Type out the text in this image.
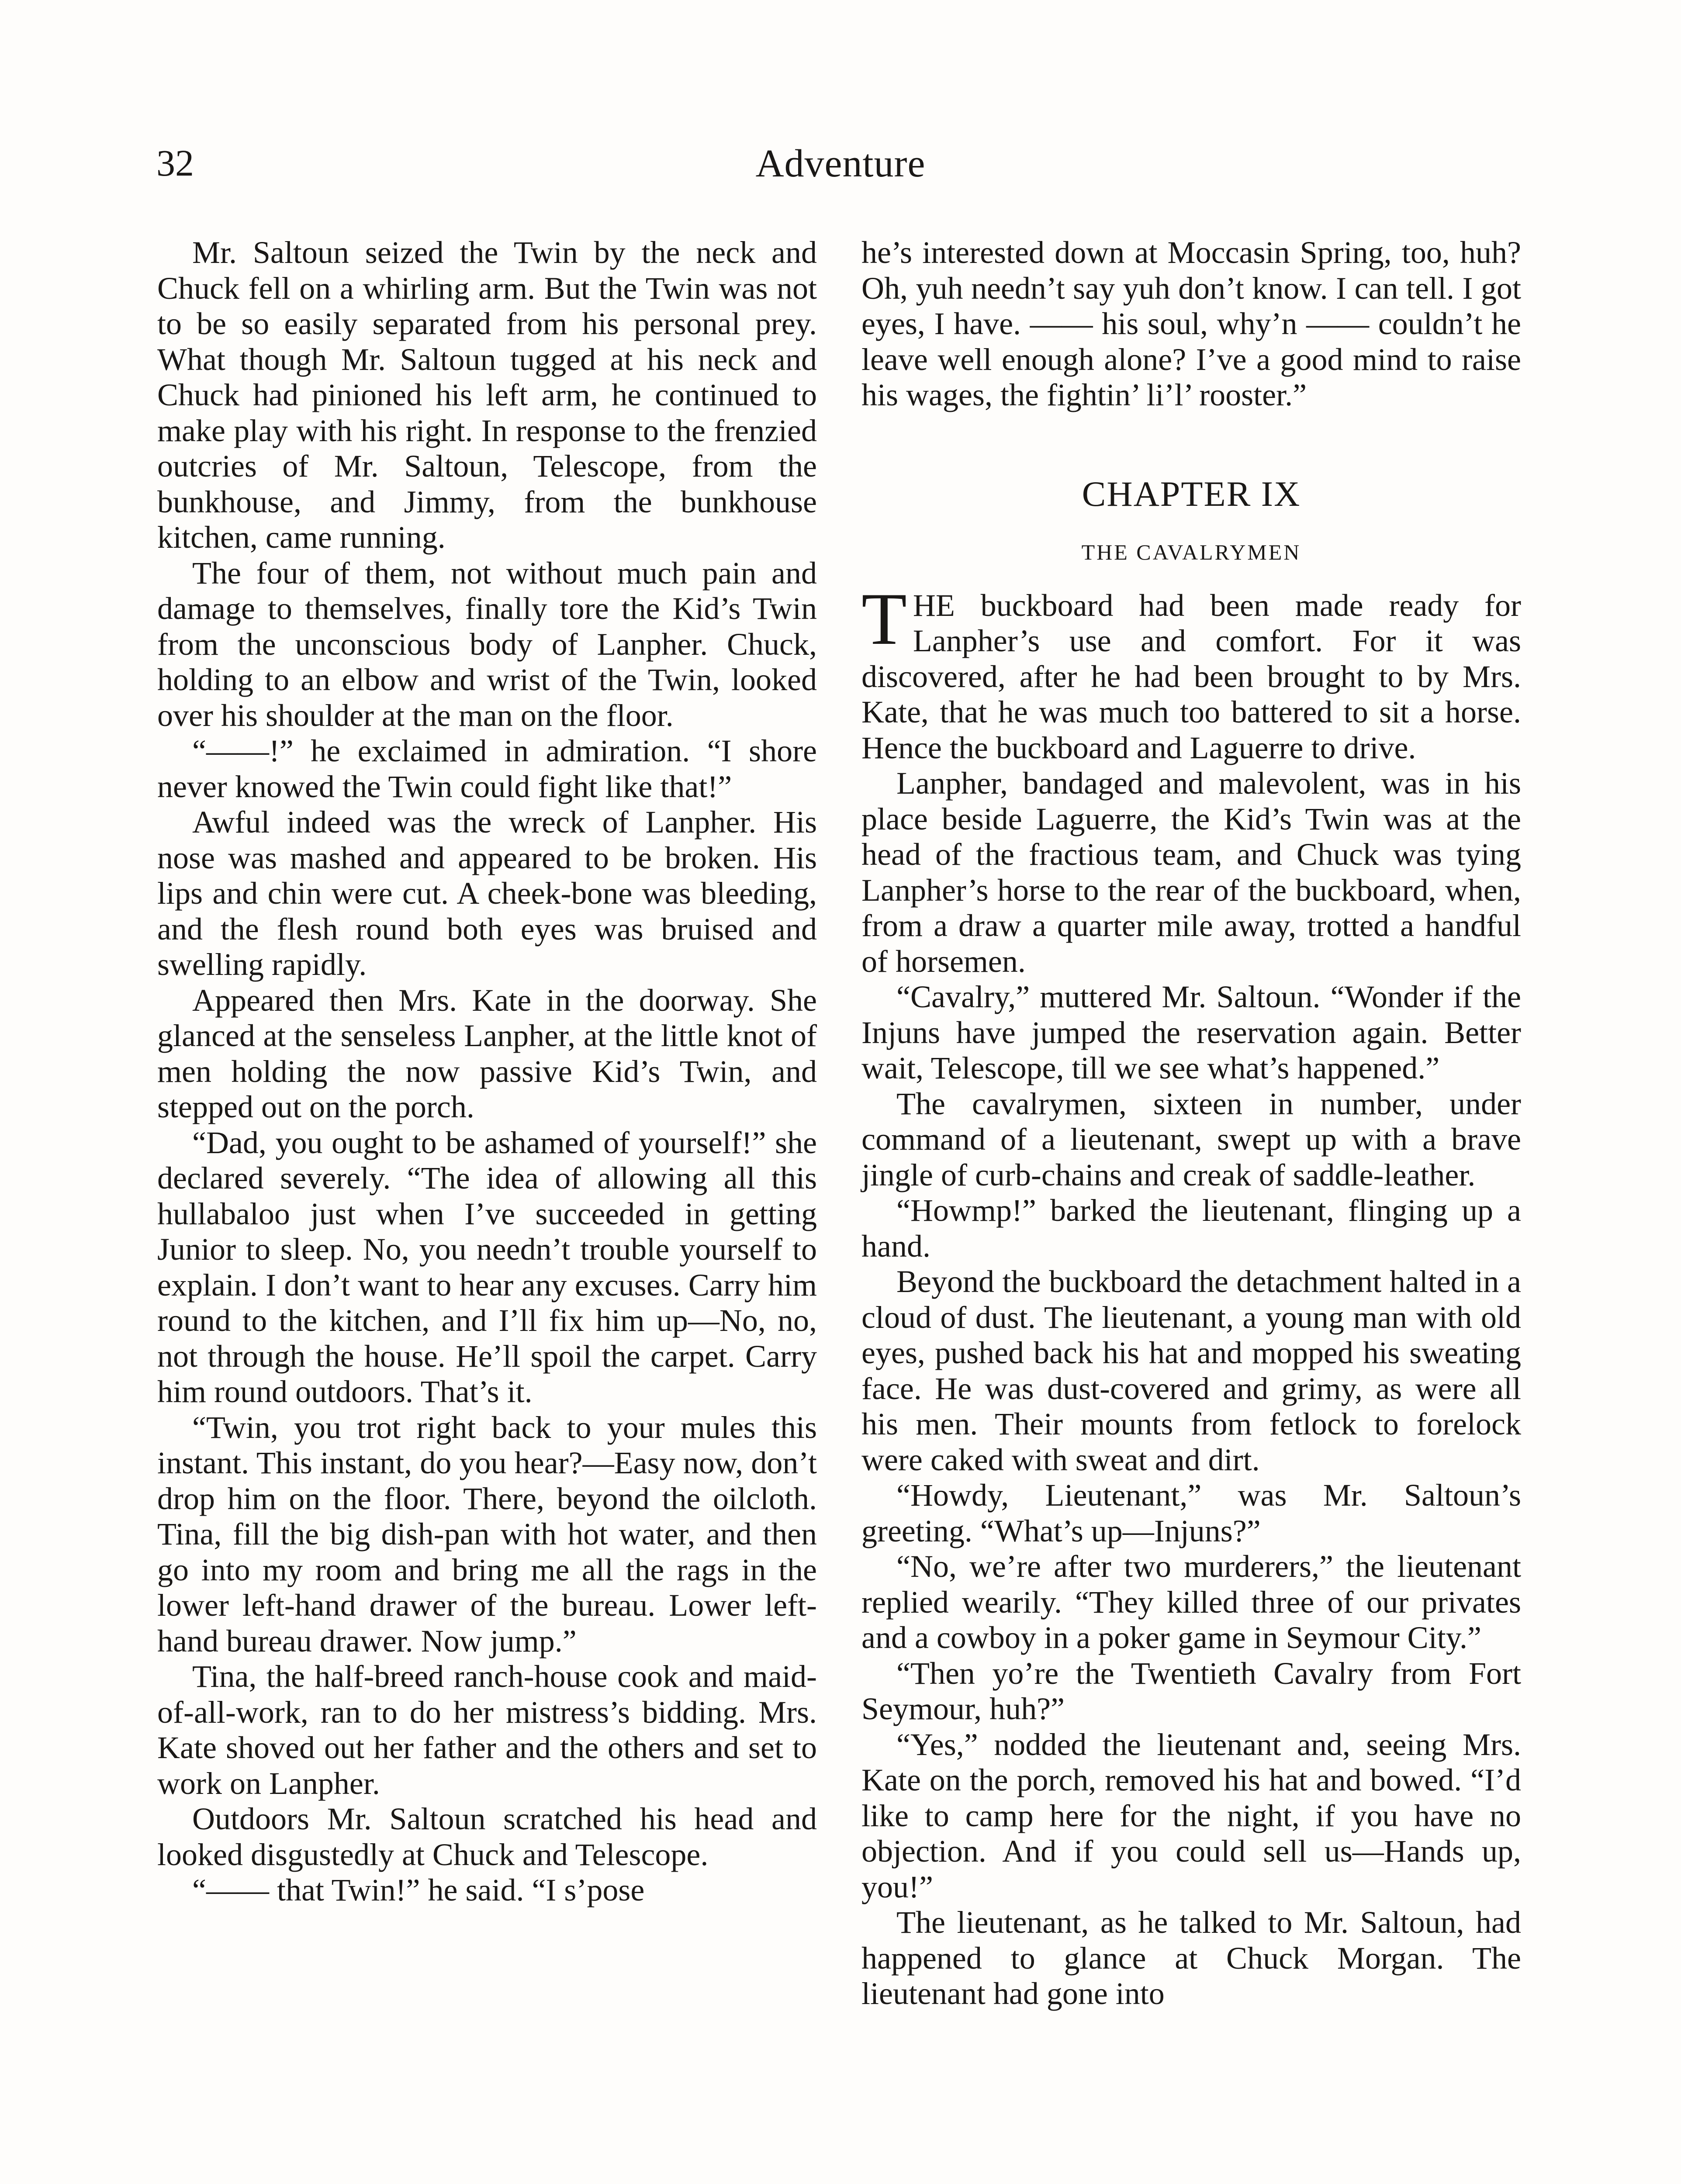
32	Adventure

Mr. Saltoun seized the Twin by the neck and Chuck fell on a whirling arm. But the Twin was not to be so easily separated from his personal prey. What though Mr. Saltoun tugged at his neck and Chuck had pinioned his left arm, he continued to make play with his right. In response to the frenzied outcries of Mr. Saltoun, Telescope, from the bunkhouse, and Jimmy, from the bunkhouse kitchen, came running.

The four of them, not without much pain and damage to themselves, finally tore the Kid’s Twin from the unconscious body of Lanpher. Chuck, holding to an elbow and wrist of the Twin, looked over his shoulder at the man on the floor.

“——!” he exclaimed in admiration. “I shore never knowed the Twin could fight like that!”

Awful indeed was the wreck of Lanpher. His nose was mashed and appeared to be broken. His lips and chin were cut. A cheek-bone was bleeding, and the flesh round both eyes was bruised and swelling rapidly.

Appeared then Mrs. Kate in the doorway. She glanced at the senseless Lanpher, at the little knot of men holding the now passive Kid’s Twin, and stepped out on the porch.

“Dad, you ought to be ashamed of yourself!” she declared severely. “The idea of allowing all this hullabaloo just when I’ve succeeded in getting Junior to sleep. No, you needn’t trouble yourself to explain. I don’t want to hear any excuses. Carry him round to the kitchen, and I’ll fix him up—No, no, not through the house. He’ll spoil the carpet. Carry him round outdoors. That’s it.

“Twin, you trot right back to your mules this instant. This instant, do you hear?—Easy now, don’t drop him on the floor. There, beyond the oilcloth. Tina, fill the big dish-pan with hot water, and then go into my room and bring me all the rags in the lower left-hand drawer of the bureau. Lower left-hand bureau drawer. Now jump.”

Tina, the half-breed ranch-house cook and maid-of-all-work, ran to do her mistress’s bidding. Mrs. Kate shoved out her father and the others and set to work on Lanpher.

Outdoors Mr. Saltoun scratched his head and looked disgustedly at Chuck and Telescope.

“—— that Twin!” he said. “I s’pose

he’s interested down at Moccasin Spring, too, huh? Oh, yuh needn’t say yuh don’t know. I can tell. I got eyes, I have. —— his soul, why’n —— couldn’t he leave well enough alone? I’ve a good mind to raise his wages, the fightin’ li’l’ rooster.”

CHAPTER IX
THE CAVALRYMEN

THE buckboard had been made ready for Lanpher’s use and comfort. For it was discovered, after he had been brought to by Mrs. Kate, that he was much too battered to sit a horse. Hence the buckboard and Laguerre to drive.

Lanpher, bandaged and malevolent, was in his place beside Laguerre, the Kid’s Twin was at the head of the fractious team, and Chuck was tying Lanpher’s horse to the rear of the buckboard, when, from a draw a quarter mile away, trotted a handful of horsemen.

“Cavalry,” muttered Mr. Saltoun. “Wonder if the Injuns have jumped the reservation again. Better wait, Telescope, till we see what’s happened.”

The cavalrymen, sixteen in number, under command of a lieutenant, swept up with a brave jingle of curb-chains and creak of saddle-leather.

“Howmp!” barked the lieutenant, flinging up a hand.

Beyond the buckboard the detachment halted in a cloud of dust. The lieutenant, a young man with old eyes, pushed back his hat and mopped his sweating face. He was dust-covered and grimy, as were all his men. Their mounts from fetlock to forelock were caked with sweat and dirt.

“Howdy, Lieutenant,” was Mr. Saltoun’s greeting. “What’s up—Injuns?”

“No, we’re after two murderers,” the lieutenant replied wearily. “They killed three of our privates and a cowboy in a poker game in Seymour City.”

“Then yo’re the Twentieth Cavalry from Fort Seymour, huh?”

“Yes,” nodded the lieutenant and, seeing Mrs. Kate on the porch, removed his hat and bowed. “I’d like to camp here for the night, if you have no objection. And if you could sell us—Hands up, you!”

The lieutenant, as he talked to Mr. Saltoun, had happened to glance at Chuck Morgan. The lieutenant had gone into
